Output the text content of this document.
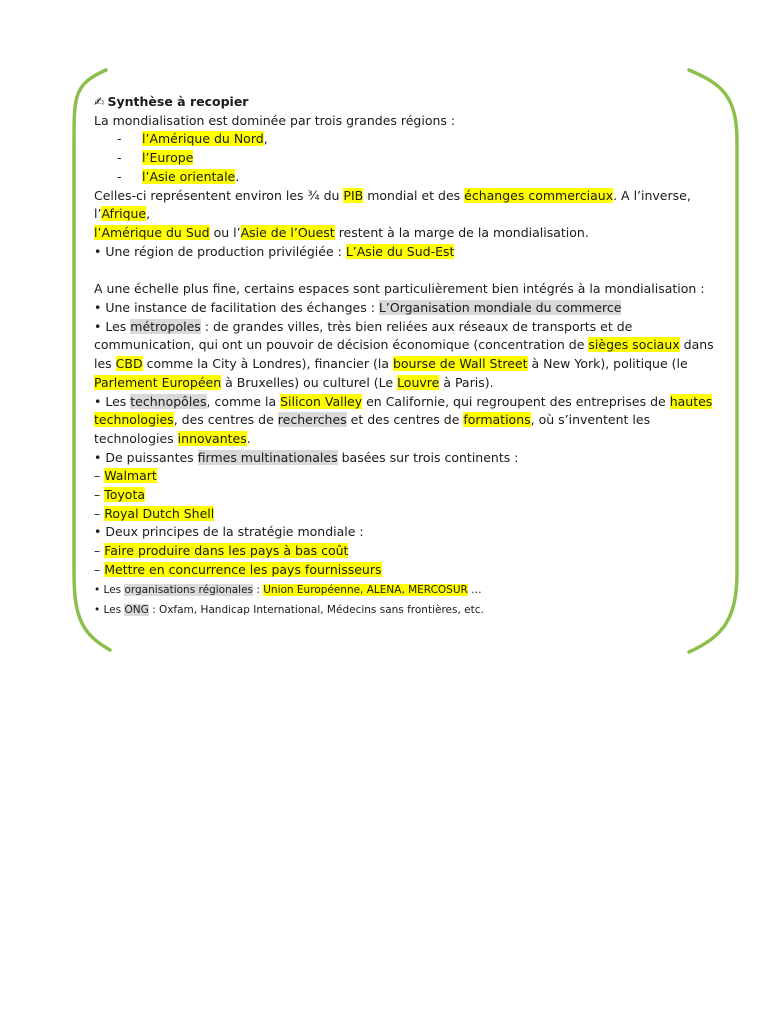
✍ Synthèse à recopier

La mondialisation est dominée par trois grandes régions :

- l’Amérique du Nord,
- l’Europe
- l’Asie orientale.

Celles-ci représentent environ les ¾ du PIB mondial et des échanges commerciaux. A l’inverse, l’Afrique,
l’Amérique du Sud ou l’Asie de l’Ouest restent à la marge de la mondialisation.

• Une région de production privilégiée : L’Asie du Sud-Est

A une échelle plus fine, certains espaces sont particulièrement bien intégrés à la mondialisation :

• Une instance de facilitation des échanges : L’Organisation mondiale du commerce

• Les métropoles : de grandes villes, très bien reliées aux réseaux de transports et de communication, qui ont un pouvoir de décision économique (concentration de sièges sociaux dans les CBD comme la City à Londres), financier (la bourse de Wall Street à New York), politique (le Parlement Européen à Bruxelles) ou culturel (Le Louvre à Paris).

• Les technopôles, comme la Silicon Valley en Californie, qui regroupent des entreprises de hautes technologies, des centres de recherches et des centres de formations, où s’inventent les technologies innovantes.

• De puissantes firmes multinationales basées sur trois continents :

– Walmart

– Toyota

– Royal Dutch Shell

• Deux principes de la stratégie mondiale :

– Faire produire dans les pays à bas coût

– Mettre en concurrence les pays fournisseurs

• Les organisations régionales : Union Européenne, ALENA, MERCOSUR …

• Les ONG : Oxfam, Handicap International, Médecins sans frontières, etc.
